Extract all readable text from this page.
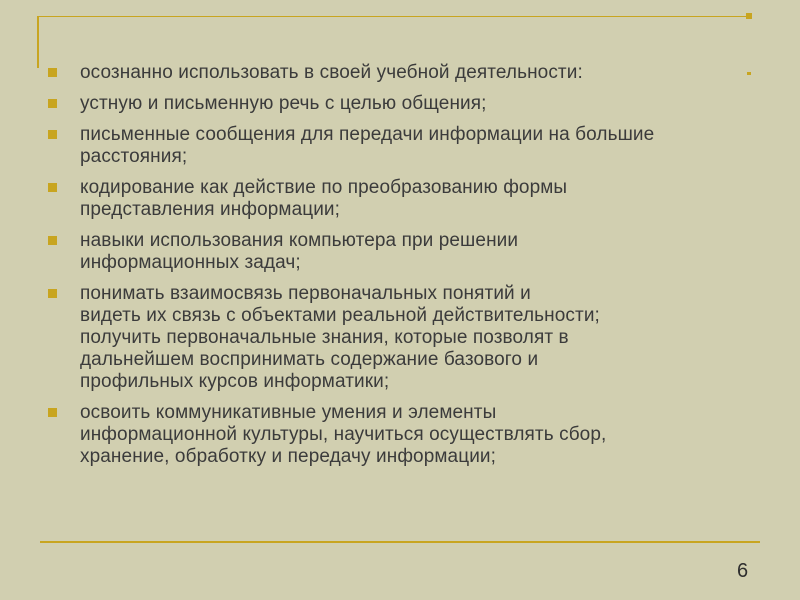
осознанно использовать в своей учебной деятельности:
устную и письменную речь с целью общения;
письменные сообщения для передачи информации на большие
расстояния;
кодирование как действие по преобразованию формы
представления информации;
навыки использования компьютера при решении
информационных задач;
понимать взаимосвязь первоначальных понятий и
видеть их связь с объектами реальной действительности;
получить первоначальные знания, которые позволят в
дальнейшем воспринимать содержание базового и
профильных курсов информатики;
освоить коммуникативные умения и элементы
информационной культуры, научиться осуществлять сбор,
хранение, обработку и передачу информации;
6
